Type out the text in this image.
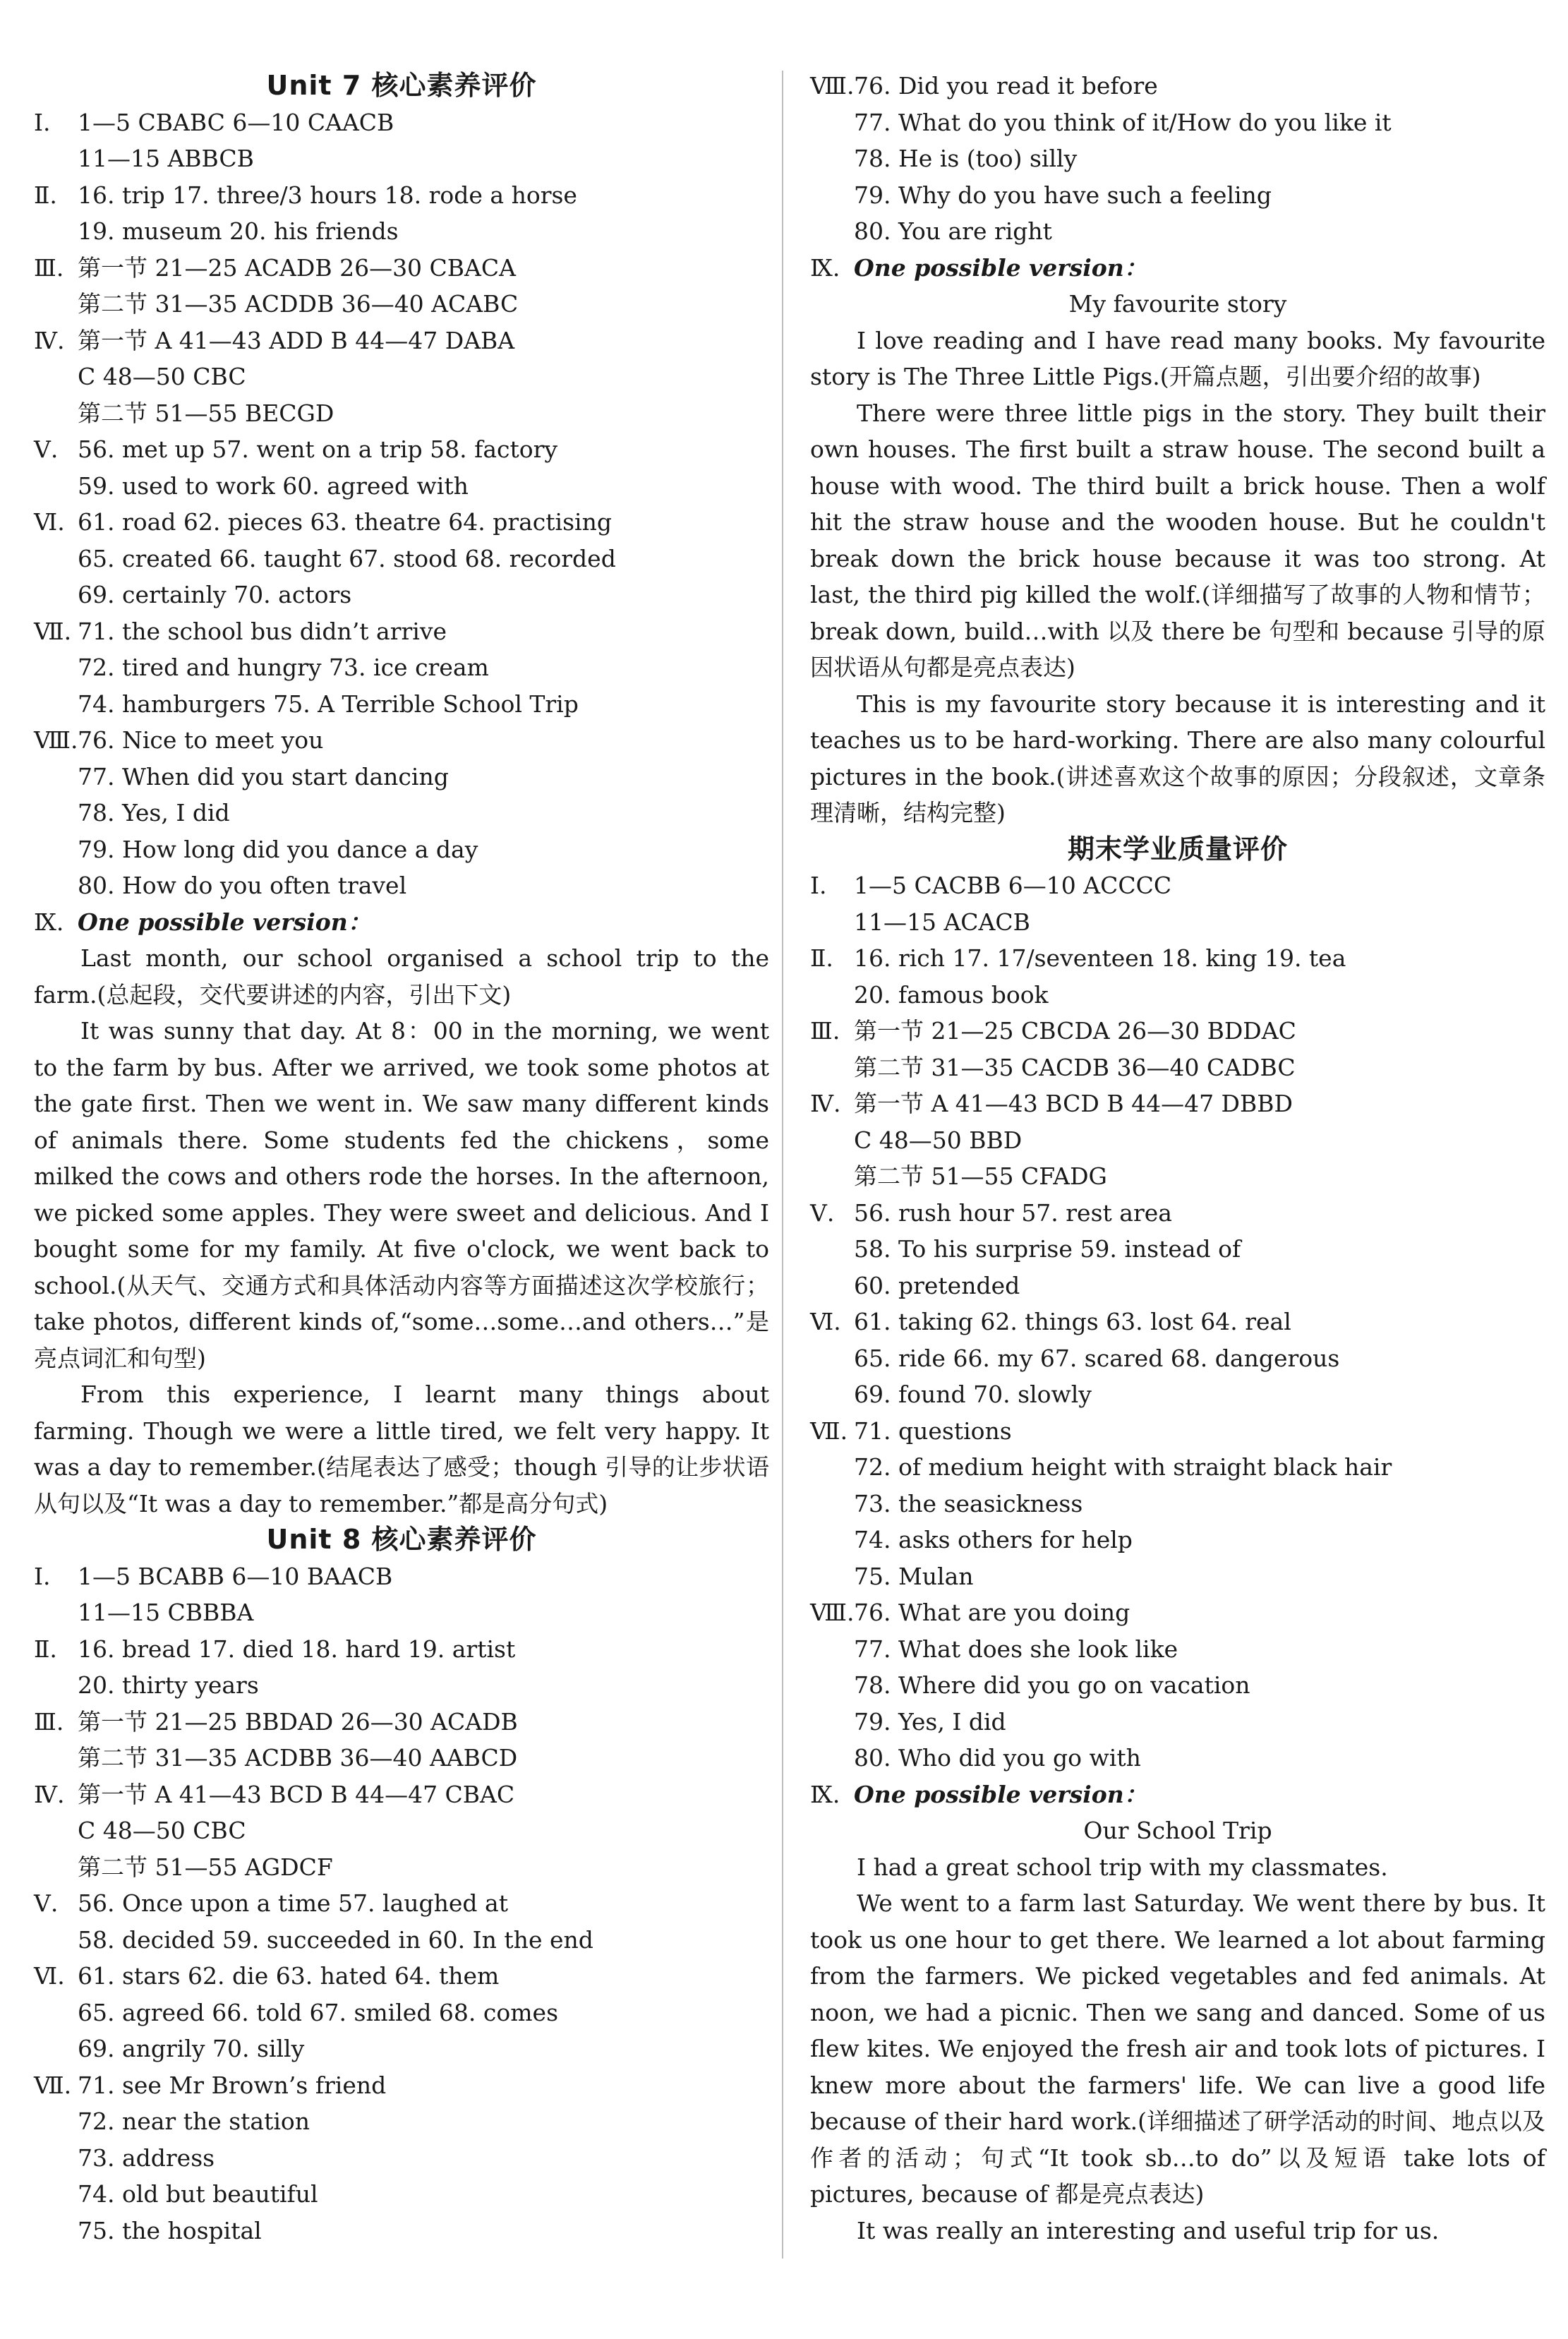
Unit 7 核心素养评价
Ⅰ.	1—5 CBABC 6—10 CAACB
11—15 ABBCB
Ⅱ. 16. trip 17. three/3 hours 18. rode a horse
19. museum 20. his friends
Ⅲ. 第一节 21—25 ACADB 26—30 CBACA
第二节 31—35 ACDDB 36—40 ACABC
Ⅳ. 第一节 A 41—43 ADD B 44—47 DABA
C 48—50 CBC
第二节 51—55 BECGD
Ⅴ. 56. met up 57. went on a trip 58. factory
59. used to work 60. agreed with
Ⅵ. 61. road 62. pieces 63. theatre 64. practising
65. created 66. taught 67. stood 68. recorded
69. certainly 70. actors
Ⅶ. 71. the school bus didn’t arrive
72. tired and hungry 73. ice cream
74. hamburgers 75. A Terrible School Trip
Ⅷ. 76. Nice to meet you
77. When did you start dancing
78. Yes, I did
79. How long did you dance a day
80. How do you often travel
Ⅸ. One possible version：
Last month, our school organised a school trip to the farm.(总起段，交代要讲述的内容，引出下文)
It was sunny that day. At 8：00 in the morning, we went to the farm by bus. After we arrived, we took some photos at the gate first. Then we went in. We saw many different kinds of animals there. Some students fed the chickens，some milked the cows and others rode the horses. In the afternoon, we picked some apples. They were sweet and delicious. And I bought some for my family. At five o'clock, we went back to school.(从天气、交通方式和具体活动内容等方面描述这次学校旅行；take photos, different kinds of,“some…some…and others…”是亮点词汇和句型)
From this experience, I learnt many things about farming. Though we were a little tired, we felt very happy. It was a day to remember.(结尾表达了感受；though 引导的让步状语从句以及“It was a day to remember.”都是高分句式)
Unit 8 核心素养评价
Ⅰ.	1—5 BCABB 6—10 BAACB
11—15 CBBBA
Ⅱ. 16. bread 17. died 18. hard 19. artist
20. thirty years
Ⅲ. 第一节 21—25 BBDAD 26—30 ACADB
第二节 31—35 ACDBB 36—40 AABCD
Ⅳ. 第一节 A 41—43 BCD B 44—47 CBAC
C 48—50 CBC
第二节 51—55 AGDCF
Ⅴ. 56. Once upon a time 57. laughed at
58. decided 59. succeeded in 60. In the end
Ⅵ. 61. stars 62. die 63. hated 64. them
65. agreed 66. told 67. smiled 68. comes
69. angrily 70. silly
Ⅶ. 71. see Mr Brown’s friend
72. near the station
73. address
74. old but beautiful
75. the hospital
Ⅷ. 76. Did you read it before
77. What do you think of it/How do you like it
78. He is (too) silly
79. Why do you have such a feeling
80. You are right
Ⅸ. One possible version：
My favourite story
I love reading and I have read many books. My favourite story is The Three Little Pigs.(开篇点题，引出要介绍的故事)
There were three little pigs in the story. They built their own houses. The first built a straw house. The second built a house with wood. The third built a brick house. Then a wolf hit the straw house and the wooden house. But he couldn't break down the brick house because it was too strong. At last, the third pig killed the wolf.(详细描写了故事的人物和情节；break down, build…with 以及 there be 句型和 because 引导的原因状语从句都是亮点表达)
This is my favourite story because it is interesting and it teaches us to be hard-working. There are also many colourful pictures in the book.(讲述喜欢这个故事的原因；分段叙述，文章条理清晰，结构完整)
期末学业质量评价
Ⅰ.	1—5 CACBB 6—10 ACCCC
11—15 ACACB
Ⅱ. 16. rich 17. 17/seventeen 18. king 19. tea
20. famous book
Ⅲ. 第一节 21—25 CBCDA 26—30 BDDAC
第二节 31—35 CACDB 36—40 CADBC
Ⅳ. 第一节 A 41—43 BCD B 44—47 DBBD
C 48—50 BBD
第二节 51—55 CFADG
Ⅴ. 56. rush hour 57. rest area
58. To his surprise 59. instead of
60. pretended
Ⅵ. 61. taking 62. things 63. lost 64. real
65. ride 66. my 67. scared 68. dangerous
69. found 70. slowly
Ⅶ. 71. questions
72. of medium height with straight black hair
73. the seasickness
74. asks others for help
75. Mulan
Ⅷ. 76. What are you doing
77. What does she look like
78. Where did you go on vacation
79. Yes, I did
80. Who did you go with
Ⅸ. One possible version：
Our School Trip
I had a great school trip with my classmates.
We went to a farm last Saturday. We went there by bus. It took us one hour to get there. We learned a lot about farming from the farmers. We picked vegetables and fed animals. At noon, we had a picnic. Then we sang and danced. Some of us flew kites. We enjoyed the fresh air and took lots of pictures. I knew more about the farmers' life. We can live a good life because of their hard work.(详细描述了研学活动的时间、地点以及作者的活动；句式“It took sb…to do”以及短语 take lots of pictures, because of 都是亮点表达)
It was really an interesting and useful trip for us.
